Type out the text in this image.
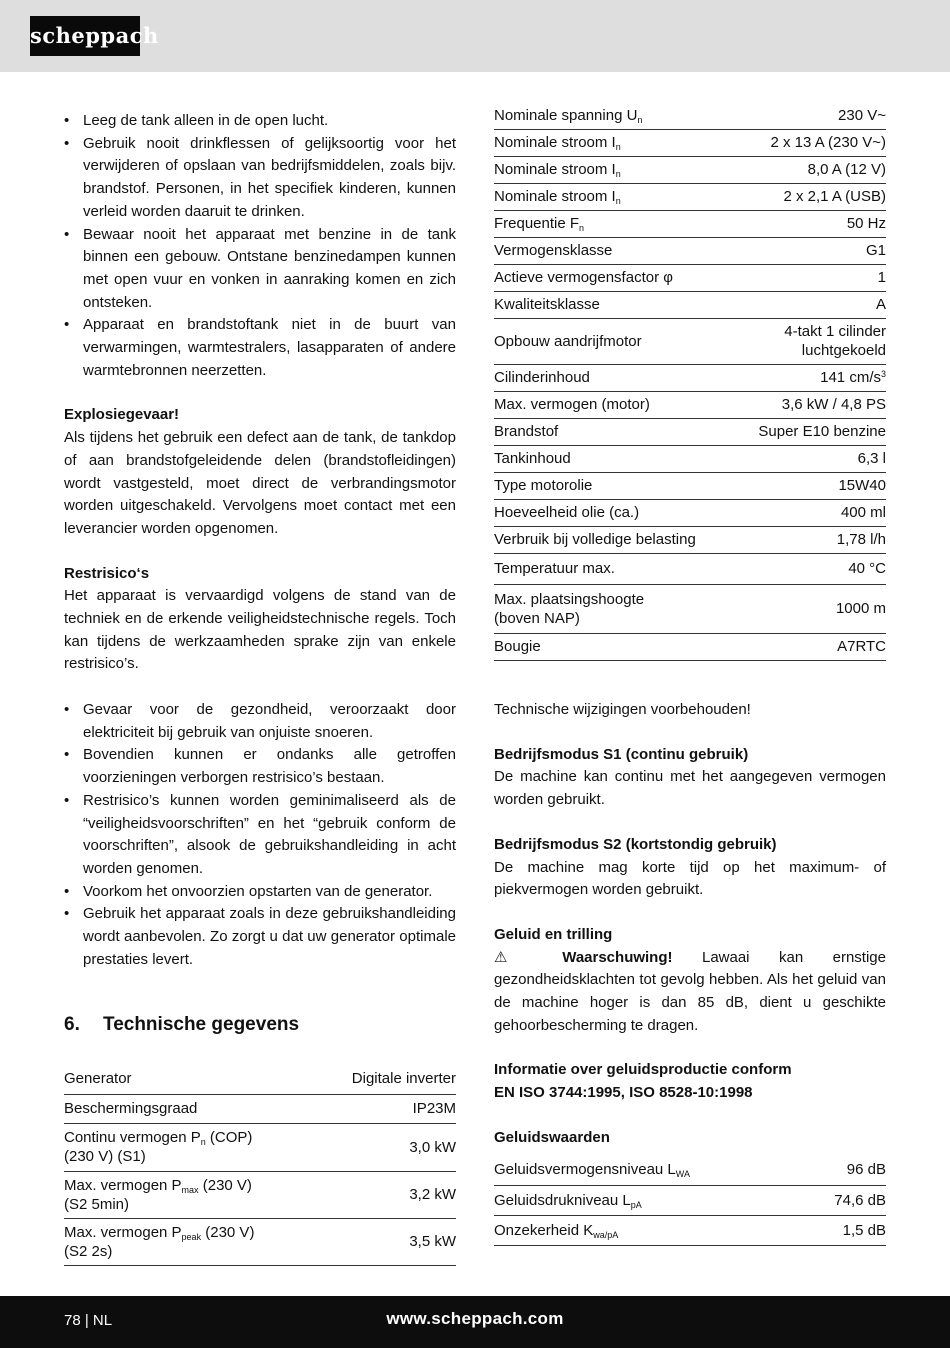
scheppach
• Leeg de tank alleen in de open lucht.
• Gebruik nooit drinkflessen of gelijksoortig voor het verwijderen of opslaan van bedrijfsmiddelen, zoals bijv. brandstof. Personen, in het specifiek kinderen, kunnen verleid worden daaruit te drinken.
• Bewaar nooit het apparaat met benzine in de tank binnen een gebouw. Ontstane benzinedampen kunnen met open vuur en vonken in aanraking komen en zich ontsteken.
• Apparaat en brandstoftank niet in de buurt van verwarmingen, warmtestralers, lasapparaten of andere warmtebronnen neerzetten.
Explosiegevaar!

Als tijdens het gebruik een defect aan de tank, de tankdop of aan brandstofgeleidende delen (brandstofleidingen) wordt vastgesteld, moet direct de verbrandingsmotor worden uitgeschakeld. Vervolgens moet contact met een leverancier worden opgenomen.

Restrisico‘s

Het apparaat is vervaardigd volgens de stand van de techniek en de erkende veiligheidstechnische regels. Toch kan tijdens de werkzaamheden sprake zijn van enkele restrisico’s.

• Gevaar voor de gezondheid, veroorzaakt door elektriciteit bij gebruik van onjuiste snoeren.
• Bovendien kunnen er ondanks alle getroffen voorzieningen verborgen restrisico’s bestaan.
• Restrisico’s kunnen worden geminimaliseerd als de “veiligheidsvoorschriften” en het “gebruik conform de voorschriften”, alsook de gebruikshandleiding in acht worden genomen.
• Voorkom het onvoorzien opstarten van de generator.
• Gebruik het apparaat zoals in deze gebruikshandleiding wordt aanbevolen. Zo zorgt u dat uw generator optimale prestaties levert.
6. Technische gegevens
Generator	Digitale inverter
Beschermingsgraad	IP23M
Continu vermogen $P_n$ (COP)
(230 V) (S1)	3,0 kW
Max. vermogen $P_{max}$ (230 V)
(S2 5min)	3,2 kW
Max. vermogen $P_{peak}$ (230 V)
(S2 2s)	3,5 kW
Nominale spanning $U_n$	230 V~
Nominale stroom $I_n$	2 x 13 A (230 V~)
Nominale stroom $I_n$	8,0 A (12 V)
Nominale stroom $I_n$	2 x 2,1 A (USB)
Frequentie $F_n$	50 Hz
Vermogensklasse	G1
Actieve vermogensfactor φ	1
Kwaliteitsklasse	A
Opbouw aandrijfmotor	4-takt 1 cilinder
luchtgekoeld
Cilinderinhoud	141 $cm/s^3$
Max. vermogen (motor)	3,6 kW / 4,8 PS
Brandstof	Super E10 benzine
Tankinhoud	6,3 l
Type motorolie	15W40
Hoeveelheid olie (ca.)	400 ml
Verbruik bij volledige belasting	1,78 l/h
Temperatuur max.	40 °C
Max. plaatsingshoogte
(boven NAP)	1000 m
Bougie	A7RTC

Technische wijzigingen voorbehouden!

Bedrijfsmodus S1 (continu gebruik)

De machine kan continu met het aangegeven vermogen worden gebruikt.

Bedrijfsmodus S2 (kortstondig gebruik)

De machine mag korte tijd op het maximum- of piekvermogen worden gebruikt.

Geluid en trilling

⚠ Waarschuwing! Lawaai kan ernstige gezondheidsklachten tot gevolg hebben. Als het geluid van de machine hoger is dan 85 dB, dient u geschikte gehoorbescherming te dragen.

Informatie over geluidsproductie conform
EN ISO 3744:1995, ISO 8528-10:1998
Geluidswaarden
Geluidsvermogensniveau $L_{WA}$	96 dB
Geluidsdrukniveau $L_{pA}$	74,6 dB
Onzekerheid $K_{wa/pA}$	1,5 dB
78 | NL	www.scheppach.com
